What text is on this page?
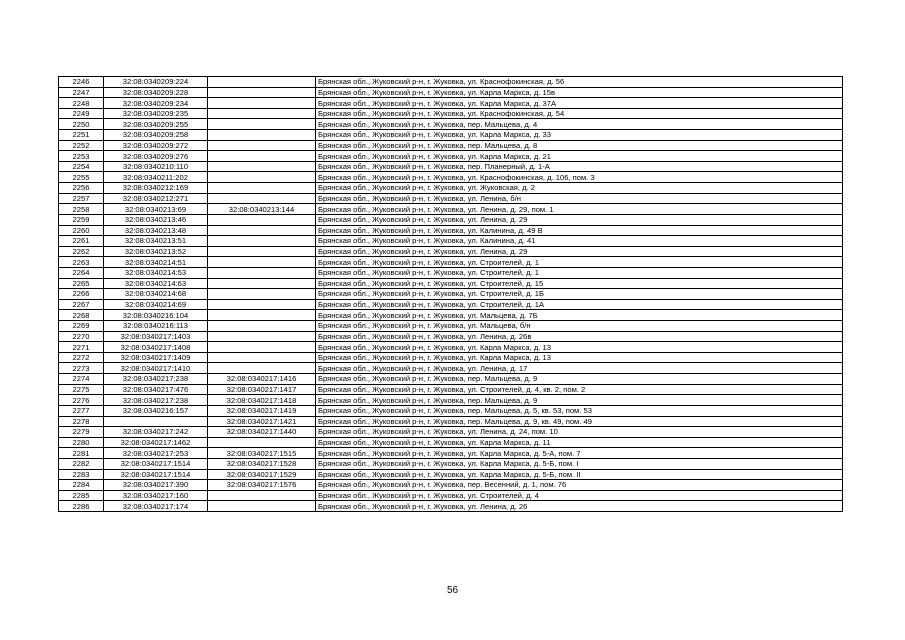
2246	32:08:0340209:224		Брянская обл., Жуковский р-н, г. Жуковка, ул. Краснофокинская, д. 56
2247	32:08:0340209:228		Брянская обл., Жуковский р-н, г. Жуковка, ул. Карла Маркса, д. 15в
2248	32:08:0340209:234		Брянская обл., Жуковский р-н, г. Жуковка, ул. Карла Маркса, д. 37А
2249	32:08:0340209:235		Брянская обл., Жуковский р-н, г. Жуковка, ул. Краснофокинская, д. 54
2250	32:08:0340209:255		Брянская обл., Жуковский р-н, г. Жуковка, пер. Мальцева, д. 4
2251	32:08:0340209:258		Брянская обл., Жуковский р-н, г. Жуковка, ул. Карла Маркса, д. 33
2252	32:08:0340209:272		Брянская обл., Жуковский р-н, г. Жуковка, пер. Мальцева, д. 8
2253	32:08:0340209:276		Брянская обл., Жуковский р-н, г. Жуковка, ул. Карла Маркса, д. 21
2254	32:08:0340210:110		Брянская обл., Жуковский р-н, г. Жуковка, пер. Планерный, д. 1-А
2255	32:08:0340211:202		Брянская обл., Жуковский р-н, г. Жуковка, ул. Краснофокинская, д. 106, пом. 3
2256	32:08:0340212:169		Брянская обл., Жуковский р-н, г. Жуковка, ул. Жуковская, д. 2
2257	32:08:0340212:271		Брянская обл., Жуковский р-н, г. Жуковка, ул. Ленина, б/н
2258	32:08:0340213:69	32:08:0340213:144	Брянская обл., Жуковский р-н, г. Жуковка, ул. Ленина, д. 29, пом. 1
2259	32:08:0340213:46		Брянская обл., Жуковский р-н, г. Жуковка, ул. Ленина, д. 29
2260	32:08:0340213:48		Брянская обл., Жуковский р-н, г. Жуковка, ул. Калинина, д. 49 В
2261	32:08:0340213:51		Брянская обл., Жуковский р-н, г. Жуковка, ул. Калинина, д. 41
2262	32:08:0340213:52		Брянская обл., Жуковский р-н, г. Жуковка, ул. Ленина, д. 29
2263	32:08:0340214:51		Брянская обл., Жуковский р-н, г. Жуковка, ул. Строителей, д. 1
2264	32:08:0340214:53		Брянская обл., Жуковский р-н, г. Жуковка, ул. Строителей, д. 1
2265	32:08:0340214:63		Брянская обл., Жуковский р-н, г. Жуковка, ул. Строителей, д. 15
2266	32:08:0340214:68		Брянская обл., Жуковский р-н, г. Жуковка, ул. Строителей, д. 1Б
2267	32:08:0340214:69		Брянская обл., Жуковский р-н, г. Жуковка, ул. Строителей, д. 1А
2268	32:08:0340216:104		Брянская обл., Жуковский р-н, г. Жуковка, ул. Мальцева, д. 7Б
2269	32:08:0340216:113		Брянская обл., Жуковский р-н, г. Жуковка, ул. Мальцева, б/н
2270	32:08:0340217:1403		Брянская обл., Жуковский р-н, г. Жуковка, ул. Ленина, д. 26в
2271	32:08:0340217:1408		Брянская обл., Жуковский р-н, г. Жуковка, ул. Карла Маркса, д. 13
2272	32:08:0340217:1409		Брянская обл., Жуковский р-н, г. Жуковка, ул. Карла Маркса, д. 13
2273	32:08:0340217:1410		Брянская обл., Жуковский р-н, г. Жуковка, ул. Ленина, д. 17
2274	32:08:0340217:238	32:08:0340217:1416	Брянская обл., Жуковский р-н, г. Жуковка, пер. Мальцева, д. 9
2275	32:08:0340217:476	32:08:0340217:1417	Брянская обл., Жуковский р-н, г. Жуковка, ул. Строителей, д. 4, кв. 2, пом. 2
2276	32:08:0340217:238	32:08:0340217:1418	Брянская обл., Жуковский р-н, г. Жуковка, пер. Мальцева, д. 9
2277	32:08:0340216:157	32:08:0340217:1419	Брянская обл., Жуковский р-н, г. Жуковка, пер. Мальцева, д. 5, кв. 53, пом. 53
2278		32:08:0340217:1421	Брянская обл., Жуковский р-н, г. Жуковка, пер. Мальцева, д. 9, кв. 49, пом. 49
2279	32:08:0340217:242	32:08:0340217:1440	Брянская обл., Жуковский р-н, г. Жуковка, ул. Ленина, д. 24, пом. 10
2280	32:08:0340217:1462		Брянская обл., Жуковский р-н, г. Жуковка, ул. Карла Маркса, д. 11
2281	32:08:0340217:253	32:08:0340217:1515	Брянская обл., Жуковский р-н, г. Жуковка, ул. Карла Маркса, д. 5-А, пом. 7
2282	32:08:0340217:1514	32:08:0340217:1528	Брянская обл., Жуковский р-н, г. Жуковка, ул. Карла Маркса, д. 5-Б, пом. I
2283	32:08:0340217:1514	32:08:0340217:1529	Брянская обл., Жуковский р-н, г. Жуковка, ул. Карла Маркса, д. 5-Б, пом. II
2284	32:08:0340217:390	32:08:0340217:1576	Брянская обл., Жуковский р-н, г. Жуковка, пер. Весенний, д. 1, пом. 76
2285	32:08:0340217:160		Брянская обл., Жуковский р-н, г. Жуковка, ул. Строителей, д. 4
2286	32:08:0340217:174		Брянская обл., Жуковский р-н, г. Жуковка, ул. Ленина, д. 26
56
